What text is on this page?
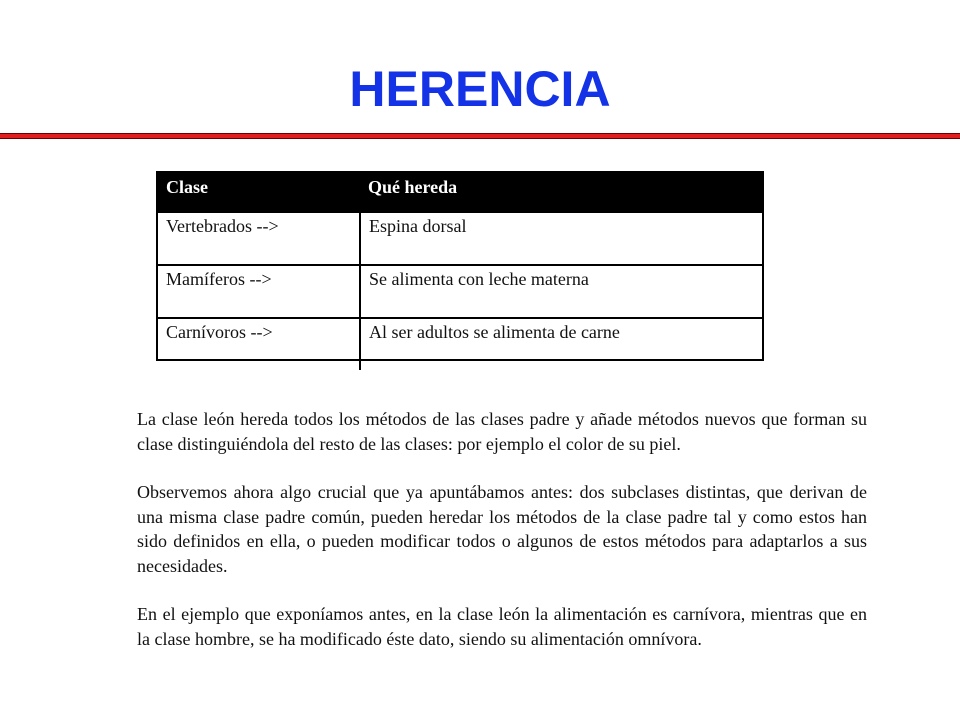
HERENCIA
Clase	Qué hereda
Vertebrados -->	Espina dorsal
Mamíferos -->	Se alimenta con leche materna
Carnívoros -->	Al ser adultos se alimenta de carne

La clase león hereda todos los métodos de las clases padre y añade métodos nuevos que forman su clase distinguiéndola del resto de las clases: por ejemplo el color de su piel.

Observemos ahora algo crucial que ya apuntábamos antes: dos subclases distintas, que derivan de una misma clase padre común, pueden heredar los métodos de la clase padre tal y como estos han sido definidos en ella, o pueden modificar todos o algunos de estos métodos para adaptarlos a sus necesidades.

En el ejemplo que exponíamos antes, en la clase león la alimentación es carnívora, mientras que en la clase hombre, se ha modificado éste dato, siendo su alimentación omnívora.
